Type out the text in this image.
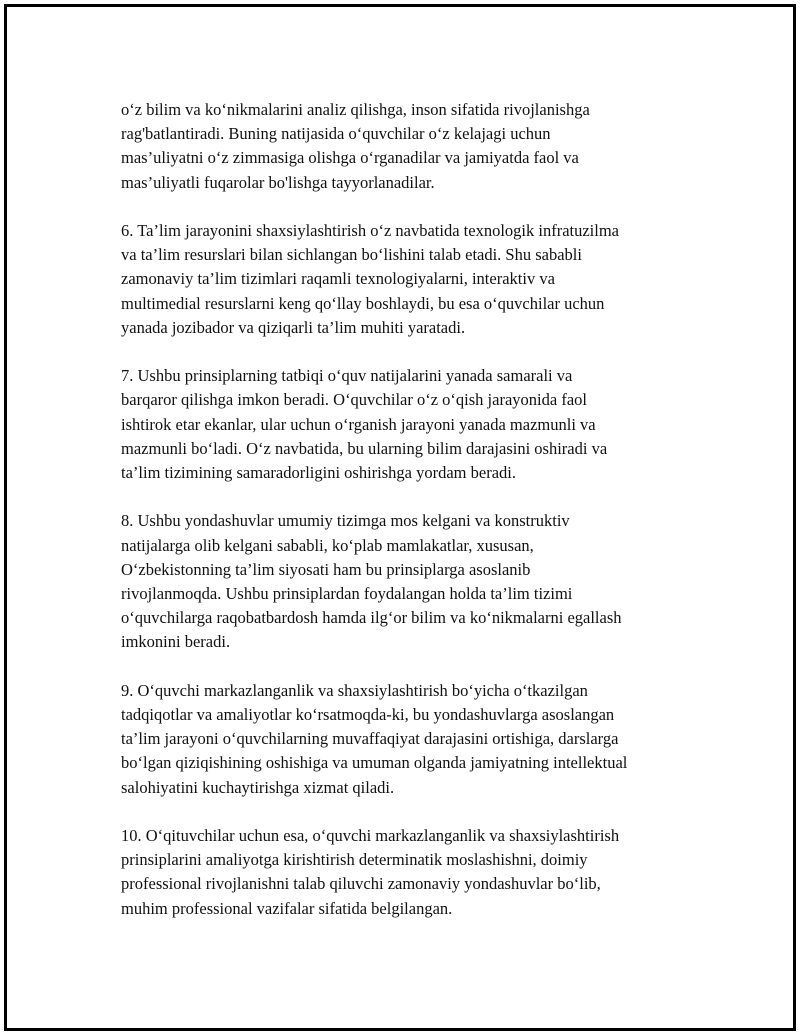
o‘z bilim va ko‘nikmalarini analiz qilishga, inson sifatida rivojlanishga
rag'batlantiradi. Buning natijasida o‘quvchilar o‘z kelajagi uchun
mas’uliyatni o‘z zimmasiga olishga o‘rganadilar va jamiyatda faol va
mas’uliyatli fuqarolar bo'lishga tayyorlanadilar.

6. Ta’lim jarayonini shaxsiylashtirish o‘z navbatida texnologik infratuzilma
va ta’lim resurslari bilan sichlangan bo‘lishini talab etadi. Shu sababli
zamonaviy ta’lim tizimlari raqamli texnologiyalarni, interaktiv va
multimedial resurslarni keng qo‘llay boshlaydi, bu esa o‘quvchilar uchun
yanada jozibador va qiziqarli ta’lim muhiti yaratadi.

7. Ushbu prinsiplarning tatbiqi o‘quv natijalarini yanada samarali va
barqaror qilishga imkon beradi. O‘quvchilar o‘z o‘qish jarayonida faol
ishtirok etar ekanlar, ular uchun o‘rganish jarayoni yanada mazmunli va
mazmunli bo‘ladi. O‘z navbatida, bu ularning bilim darajasini oshiradi va
ta’lim tizimining samaradorligini oshirishga yordam beradi.

8. Ushbu yondashuvlar umumiy tizimga mos kelgani va konstruktiv
natijalarga olib kelgani sababli, ko‘plab mamlakatlar, xususan,
O‘zbekistonning ta’lim siyosati ham bu prinsiplarga asoslanib
rivojlanmoqda. Ushbu prinsiplardan foydalangan holda ta’lim tizimi
o‘quvchilarga raqobatbardosh hamda ilg‘or bilim va ko‘nikmalarni egallash
imkonini beradi.

9. O‘quvchi markazlanganlik va shaxsiylashtirish bo‘yicha o‘tkazilgan
tadqiqotlar va amaliyotlar ko‘rsatmoqda-ki, bu yondashuvlarga asoslangan
ta’lim jarayoni o‘quvchilarning muvaffaqiyat darajasini ortishiga, darslarga
bo‘lgan qiziqishining oshishiga va umuman olganda jamiyatning intellektual
salohiyatini kuchaytirishga xizmat qiladi.

10. O‘qituvchilar uchun esa, o‘quvchi markazlanganlik va shaxsiylashtirish
prinsiplarini amaliyotga kirishtirish determinatik moslashishni, doimiy
professional rivojlanishni talab qiluvchi zamonaviy yondashuvlar bo‘lib,
muhim professional vazifalar sifatida belgilangan.
